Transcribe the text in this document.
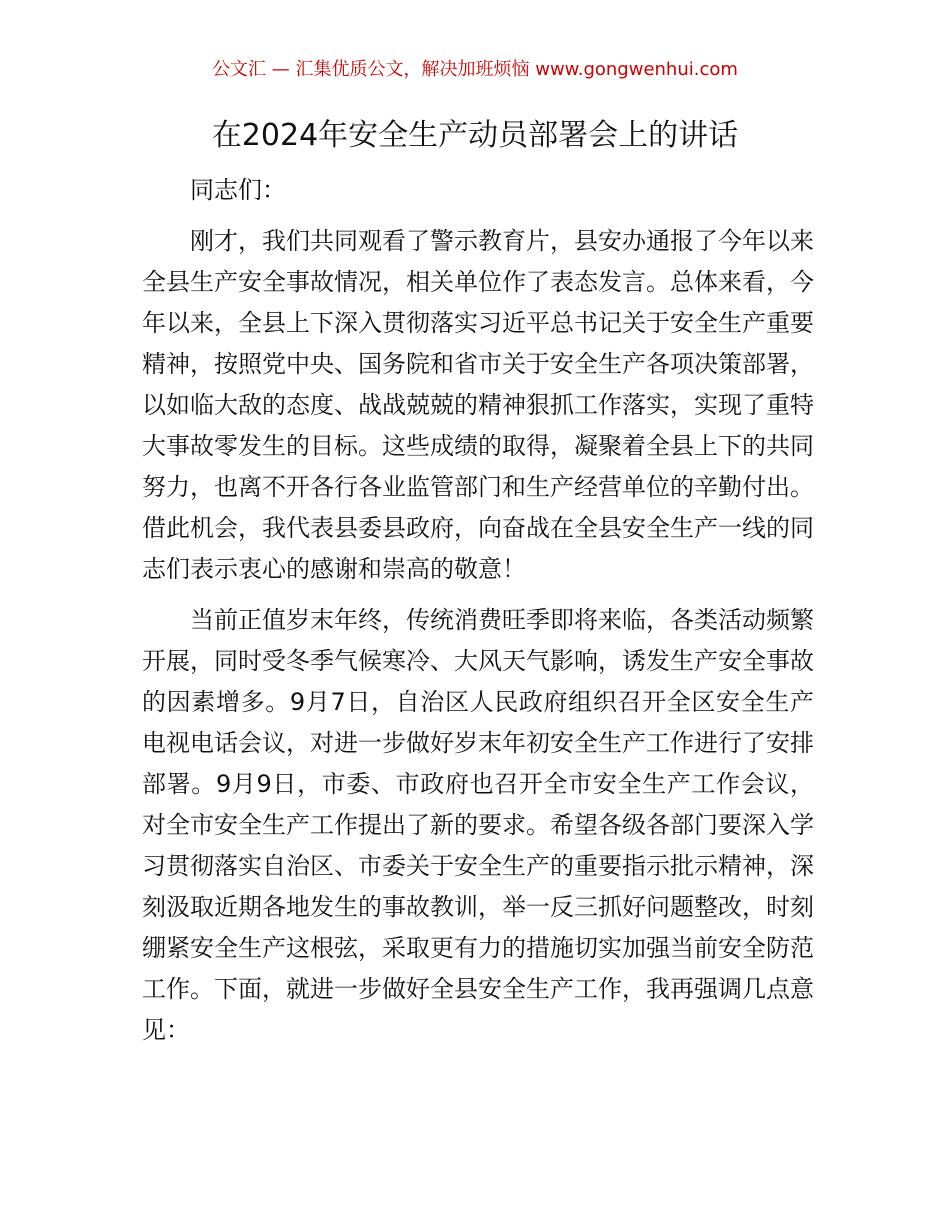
公文汇 — 汇集优质公文，解决加班烦恼 www.gongwenhui.com
在2024年安全生产动员部署会上的讲话

同志们：

刚才，我们共同观看了警示教育片，县安办通报了今年以来全县生产安全事故情况，相关单位作了表态发言。总体来看，今年以来，全县上下深入贯彻落实习近平总书记关于安全生产重要精神，按照党中央、国务院和省市关于安全生产各项决策部署，以如临大敌的态度、战战兢兢的精神狠抓工作落实，实现了重特大事故零发生的目标。这些成绩的取得，凝聚着全县上下的共同努力，也离不开各行各业监管部门和生产经营单位的辛勤付出。借此机会，我代表县委县政府，向奋战在全县安全生产一线的同志们表示衷心的感谢和崇高的敬意！

当前正值岁末年终，传统消费旺季即将来临，各类活动频繁开展，同时受冬季气候寒冷、大风天气影响，诱发生产安全事故的因素增多。9月7日，自治区人民政府组织召开全区安全生产电视电话会议，对进一步做好岁末年初安全生产工作进行了安排部署。9月9日，市委、市政府也召开全市安全生产工作会议，对全市安全生产工作提出了新的要求。希望各级各部门要深入学习贯彻落实自治区、市委关于安全生产的重要指示批示精神，深刻汲取近期各地发生的事故教训，举一反三抓好问题整改，时刻绷紧安全生产这根弦，采取更有力的措施切实加强当前安全防范工作。下面，就进一步做好全县安全生产工作，我再强调几点意见：
